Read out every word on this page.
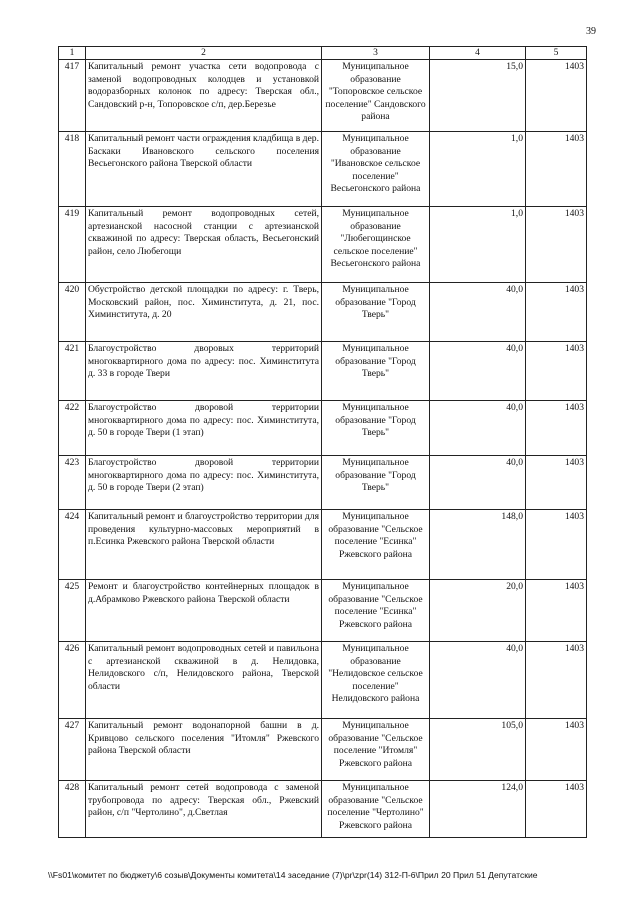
39
1	2	3	4	5
417	Капитальный ремонт участка сети водопровода с заменой водопроводных колодцев и установкой водоразборных колонок по адресу: Тверская обл., Сандовский р-н, Топоровское с/п, дер.Березье	Муниципальное образование "Топоровское сельское поселение" Сандовского района	15,0	1403
418	Капитальный ремонт части ограждения кладбища в дер. Баскаки Ивановского сельского поселения Весьегонского района Тверской области	Муниципальное образование "Ивановское сельское поселение" Весьегонского района	1,0	1403
419	Капитальный ремонт водопроводных сетей, артезианской насосной станции с артезианской скважиной по адресу: Тверская область, Весьегонский район, село Любегощи	Муниципальное образование "Любегощинское сельское поселение" Весьегонского района	1,0	1403
420	Обустройство детской площадки по адресу: г. Тверь, Московский район, пос. Химинститута, д. 21, пос. Химинститута, д. 20	Муниципальное образование "Город Тверь"	40,0	1403
421	Благоустройство дворовых территорий многоквартирного дома по адресу: пос. Химинститута д. 33 в городе Твери	Муниципальное образование "Город Тверь"	40,0	1403
422	Благоустройство дворовой территории многоквартирного дома по адресу: пос. Химинститута, д. 50 в городе Твери (1 этап)	Муниципальное образование "Город Тверь"	40,0	1403
423	Благоустройство дворовой территории многоквартирного дома по адресу: пос. Химинститута, д. 50 в городе Твери (2 этап)	Муниципальное образование "Город Тверь"	40,0	1403
424	Капитальный ремонт и благоустройство территории для проведения культурно-массовых мероприятий в п.Есинка Ржевского района Тверской области	Муниципальное образование "Сельское поселение "Есинка" Ржевского района	148,0	1403
425	Ремонт и благоустройство контейнерных площадок в д.Абрамково Ржевского района Тверской области	Муниципальное образование "Сельское поселение "Есинка" Ржевского района	20,0	1403
426	Капитальный ремонт водопроводных сетей и павильона с артезианской скважиной в д. Нелидовка, Нелидовского с/п, Нелидовского района, Тверской области	Муниципальное образование "Нелидовское сельское поселение" Нелидовского района	40,0	1403
427	Капитальный ремонт водонапорной башни в д. Кривцово сельского поселения "Итомля" Ржевского района Тверской области	Муниципальное образование "Сельское поселение "Итомля" Ржевского района	105,0	1403
428	Капитальный ремонт сетей водопровода с заменой трубопровода по адресу: Тверская обл., Ржевский район, с/п "Чертолино", д.Светлая	Муниципальное образование "Сельское поселение "Чертолино" Ржевского района	124,0	1403
\\Fs01\комитет по бюджету\6 созыв\Документы комитета\14 заседание (7)\pr\zpr(14) 312-П-6\Прил 20 Прил 51 Депутатские
